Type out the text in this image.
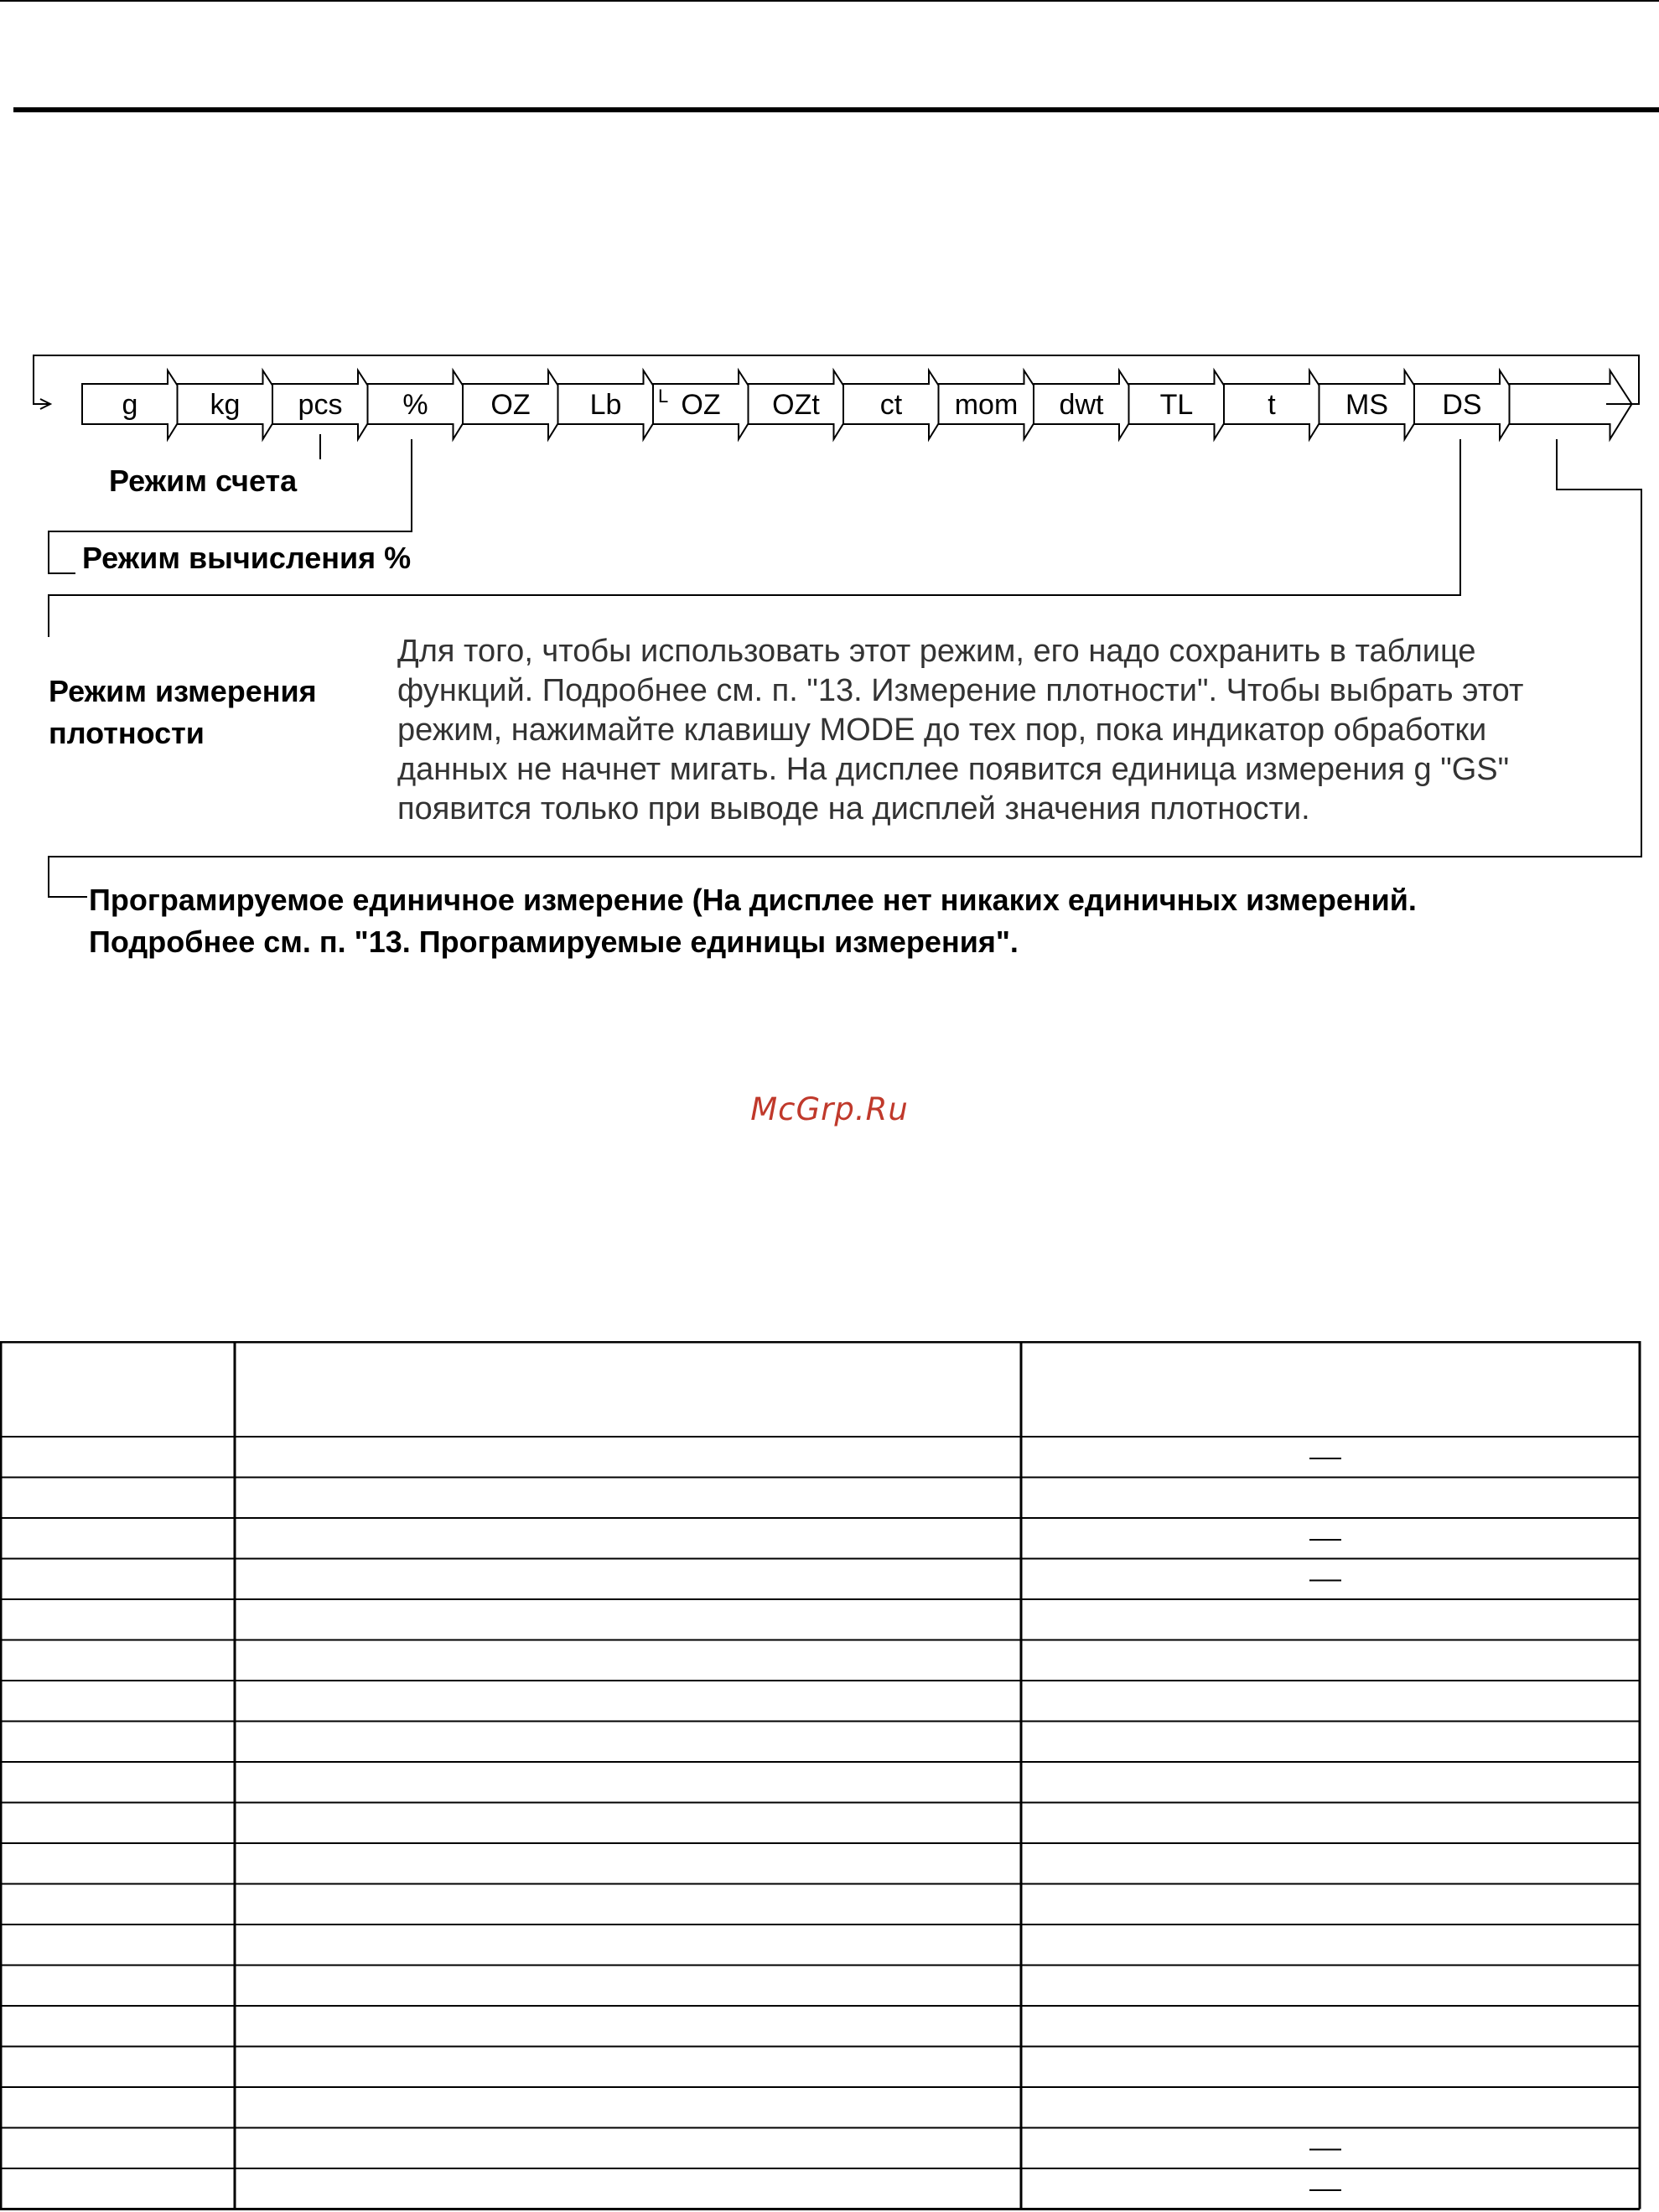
g	kg pcs % OZ Lb OZ
L	OZt ct mom dwt TL	t MS DS
Режим счета
Режим вычисления %
Режим измерения
плотности

Для того, чтобы использовать этот режим, его надо сохранить в таблице

функций. Подробнее см. п. "13. Измерение плотности". Чтобы выбрать этот

режим, нажимайте клавишу MODE до тех пор, пока индикатор обработки

данных не начнет мигать. На дисплее появится единица измерения g "GS"

появится только при выводе на дисплей значения плотности.

Програмируемое единичное измерение (На дисплее нет никаких единичных измерений.
Подробнее см. п. "13. Програмируемые единицы измерения".
McGrp.Ru
